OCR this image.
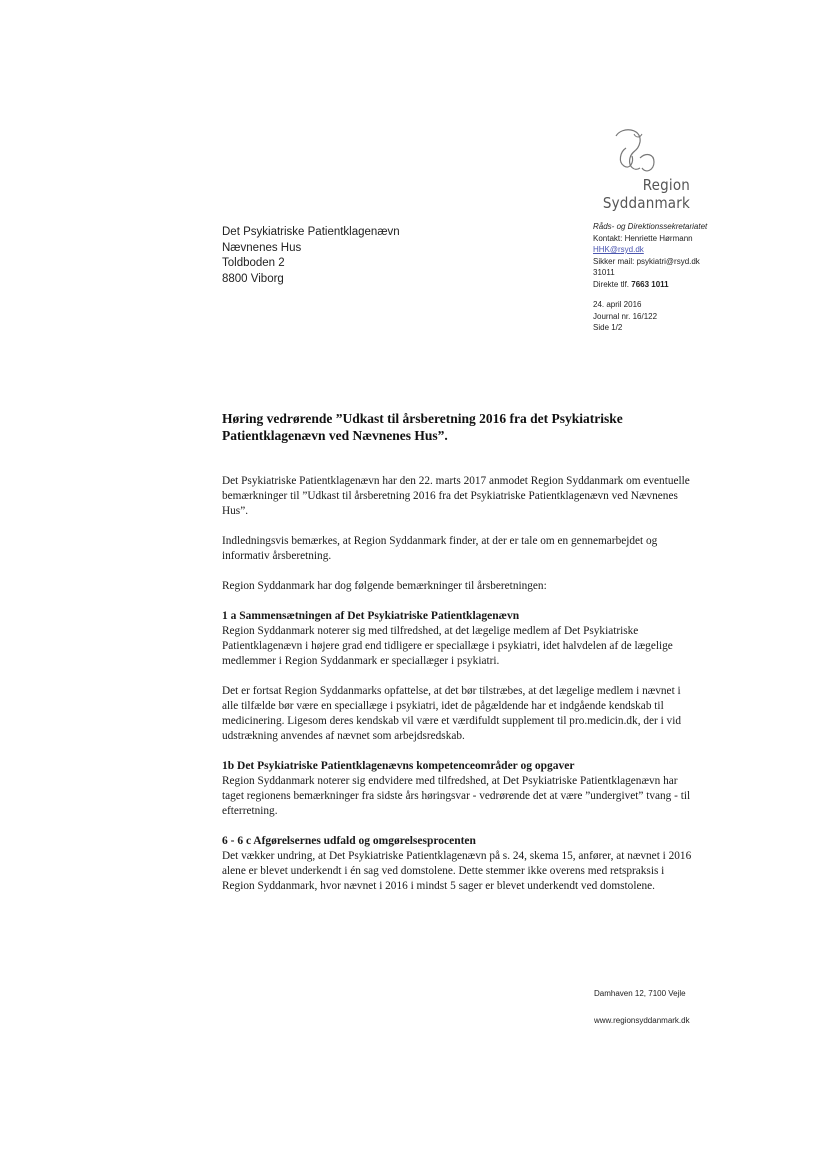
Region Syddanmark
Det Psykiatriske Patientklagenævn
Nævnenes Hus
Toldboden 2
8800 Viborg
Råds- og Direktionssekretariatet
Kontakt: Henriette Hørmann
HHK@rsyd.dk
Sikker mail: psykiatri@rsyd.dk
31011
Direkte tlf. 7663 1011
24. april 2016
Journal nr. 16/122
Side 1/2
Høring vedrørende ”Udkast til årsberetning 2016 fra det Psykiatriske Patientklagenævn ved Nævnenes Hus”.

Det Psykiatriske Patientklagenævn har den 22. marts 2017 anmodet Region Syddanmark om eventuelle bemærkninger til ”Udkast til årsberetning 2016 fra det Psykiatriske Patientklagenævn ved Nævnenes Hus”.

Indledningsvis bemærkes, at Region Syddanmark finder, at der er tale om en gennemarbejdet og informativ årsberetning.

Region Syddanmark har dog følgende bemærkninger til årsberetningen:

1 a Sammensætningen af Det Psykiatriske Patientklagenævn

Region Syddanmark noterer sig med tilfredshed, at det lægelige medlem af Det Psykiatriske Patientklagenævn i højere grad end tidligere er speciallæge i psykiatri, idet halvdelen af de lægelige medlemmer i Region Syddanmark er speciallæger i psykiatri.

Det er fortsat Region Syddanmarks opfattelse, at det bør tilstræbes, at det lægelige medlem i nævnet i alle tilfælde bør være en speciallæge i psykiatri, idet de pågældende har et indgående kendskab til medicinering. Ligesom deres kendskab vil være et værdifuldt supplement til pro.medicin.dk, der i vid udstrækning anvendes af nævnet som arbejdsredskab.

1b Det Psykiatriske Patientklagenævns kompetenceområder og opgaver

Region Syddanmark noterer sig endvidere med tilfredshed, at Det Psykiatriske Patientklagenævn har taget regionens bemærkninger fra sidste års høringsvar - vedrørende det at være ”undergivet” tvang - til efterretning.

6 - 6 c Afgørelsernes udfald og omgørelsesprocenten

Det vækker undring, at Det Psykiatriske Patientklagenævn på s. 24, skema 15, anfører, at nævnet i 2016 alene er blevet underkendt i én sag ved domstolene. Dette stemmer ikke overens med retspraksis i Region Syddanmark, hvor nævnet i 2016 i mindst 5 sager er blevet underkendt ved domstolene.

Damhaven 12, 7100 Vejle
www.regionsyddanmark.dk
